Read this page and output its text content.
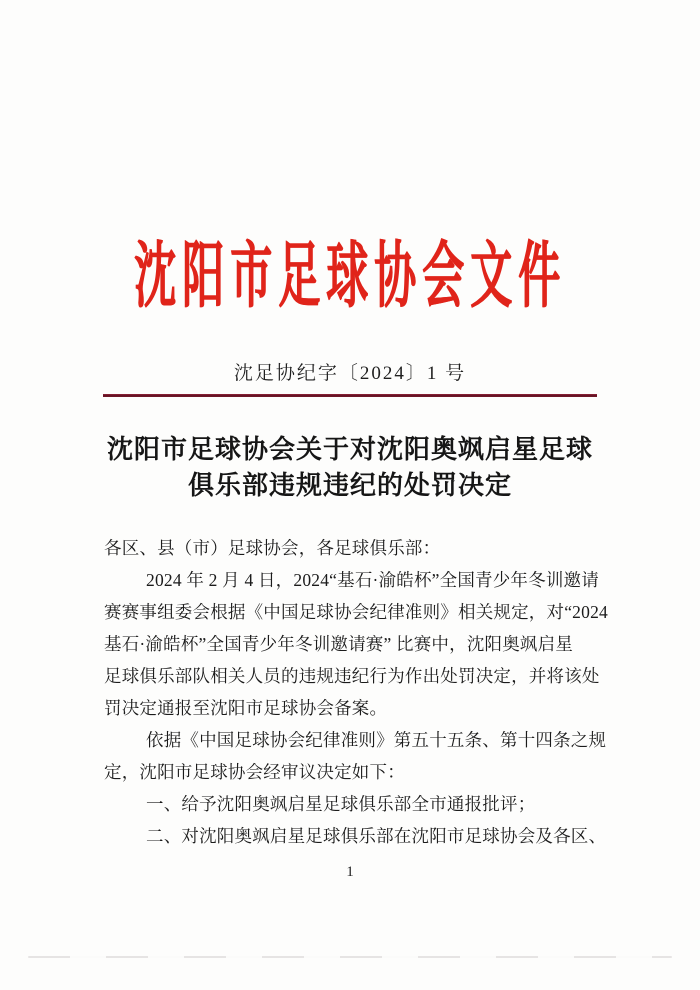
沈阳市足球协会文件
沈足协纪字〔2024〕1 号
沈阳市足球协会关于对沈阳奥飒启星足球
俱乐部违规违纪的处罚决定
各区、县（市）足球协会，各足球俱乐部：
2024 年 2 月 4 日，2024“基石·渝皓杯”全国青少年冬训邀请
赛赛事组委会根据《中国足球协会纪律准则》相关规定，对“2024
基石·渝皓杯”全国青少年冬训邀请赛” 比赛中，沈阳奥飒启星
足球俱乐部队相关人员的违规违纪行为作出处罚决定，并将该处
罚决定通报至沈阳市足球协会备案。
依据《中国足球协会纪律准则》第五十五条、第十四条之规
定，沈阳市足球协会经审议决定如下：
一、给予沈阳奥飒启星足球俱乐部全市通报批评；
二、对沈阳奥飒启星足球俱乐部在沈阳市足球协会及各区、
1
